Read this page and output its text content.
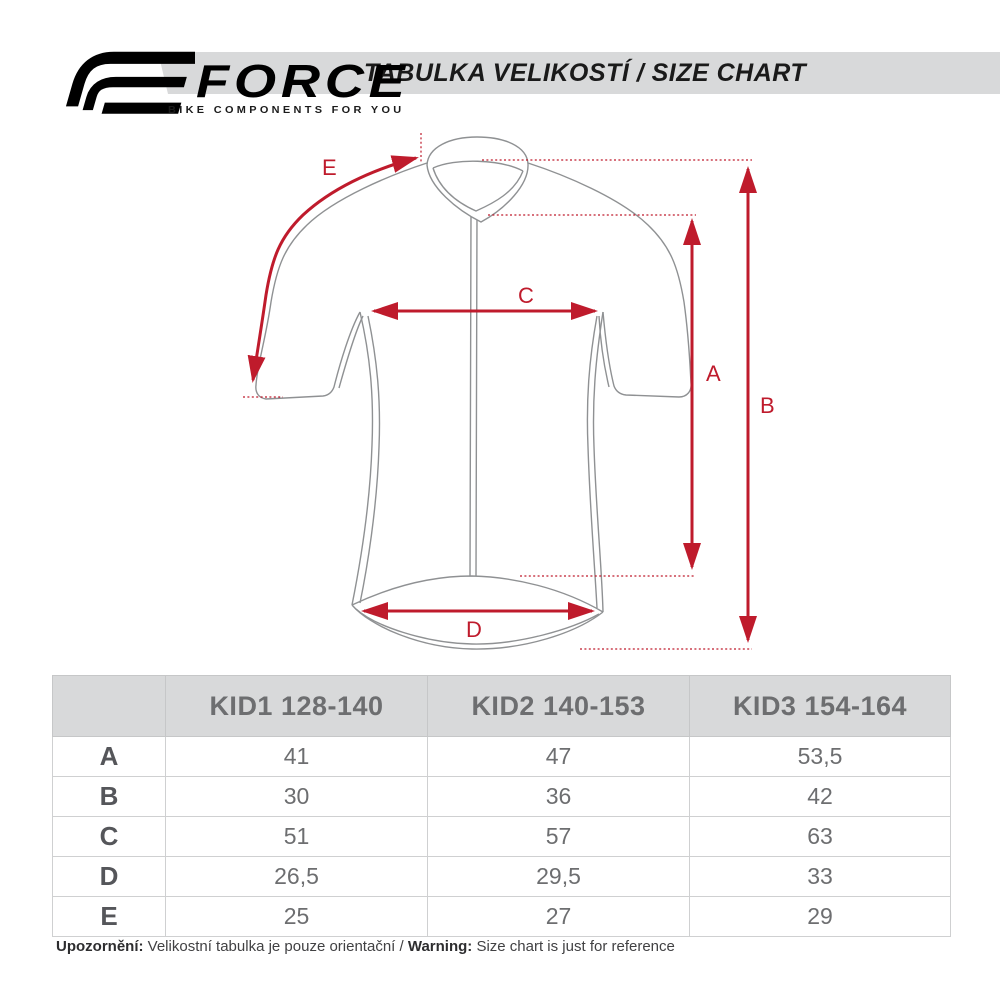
TABULKA VELIKOSTÍ / SIZE CHART
FORCE
BIKE COMPONENTS FOR YOU
A
B
C
D
E
	KID1 128-140	KID2 140-153	KID3 154-164
A	41	47	53,5
B	30	36	42
C	51	57	63
D	26,5	29,5	33
E	25	27	29
Upozornění: Velikostní tabulka je pouze orientační / Warning: Size chart is just for reference
